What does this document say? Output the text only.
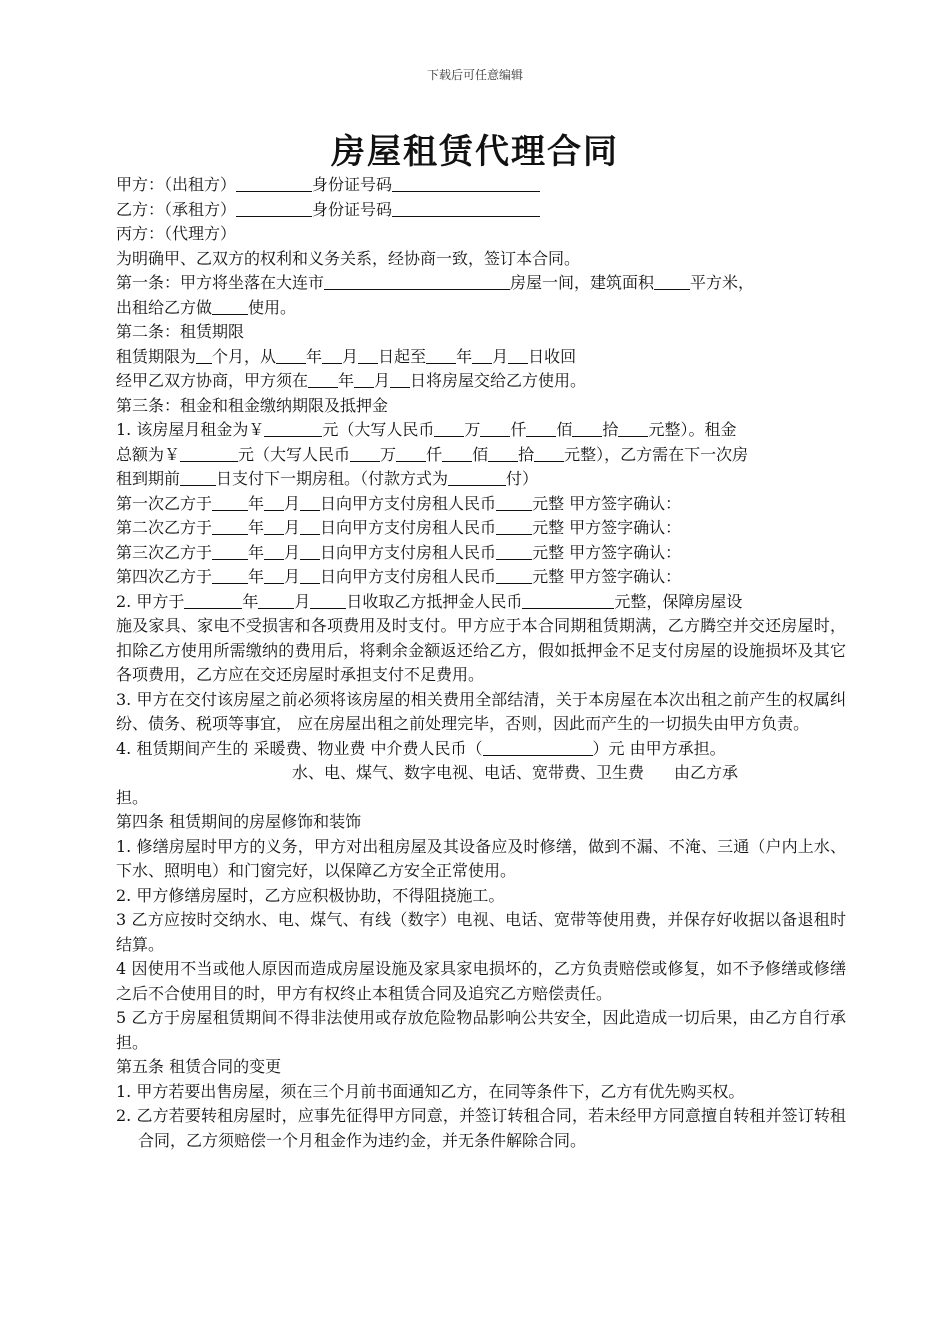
下载后可任意编辑
房屋租赁代理合同
甲方：（出租方）	身份证号码
乙方：（承租方）	身份证号码
丙方：（代理方）
为明确甲、乙双方的权利和义务关系，经协商一致，签订本合同。
第一条：甲方将坐落在大连市	房屋一间，建筑面积 平方米，
出租给乙方做 使用。
第二条：租赁期限
租赁期限为 个月，从 年 月 日起至 年 月 日收回
经甲乙双方协商，甲方须在 年 月 日将房屋交给乙方使用。
第三条：租金和租金缴纳期限及抵押金
1. 该房屋月租金为￥	元（大写人民币 万 仟 佰 拾 元整）。租金
总额为￥	元（大写人民币 万 仟 佰 拾 元整），乙方需在下一次房
租到期前 日支付下一期房租。（付款方式为	付）
第一次乙方于 年 月 日向甲方支付房租人民币 元整 甲方签字确认：
第二次乙方于 年 月 日向甲方支付房租人民币 元整 甲方签字确认：
第三次乙方于 年 月 日向甲方支付房租人民币 元整 甲方签字确认：
第四次乙方于 年 月 日向甲方支付房租人民币 元整 甲方签字确认：
2. 甲方于	年 月 日收取乙方抵押金人民币	元整，保障房屋设
施及家具、家电不受损害和各项费用及时支付。甲方应于本合同期租赁期满，乙方腾空并交还房屋时，扣除乙方使用所需缴纳的费用后，将剩余金额返还给乙方，假如抵押金不足支付房屋的设施损坏及其它各项费用，乙方应在交还房屋时承担支付不足费用。
3. 甲方在交付该房屋之前必须将该房屋的相关费用全部结清，关于本房屋在本次出租之前产生的权属纠纷、债务、税项等事宜， 应在房屋出租之前处理完毕，否则，因此而产生的一切损失由甲方负责。
4. 租赁期间产生的 采暖费、物业费 中介费人民币（	）元 由甲方承担。
水、电、煤气、数字电视、电话、宽带费、卫生费 由乙方承
担。
第四条 租赁期间的房屋修饰和装饰
1. 修缮房屋时甲方的义务，甲方对出租房屋及其设备应及时修缮，做到不漏、不淹、三通（户内上水、下水、照明电）和门窗完好，以保障乙方安全正常使用。
2. 甲方修缮房屋时，乙方应积极协助，不得阻挠施工。
3 乙方应按时交纳水、电、煤气、有线（数字）电视、电话、宽带等使用费，并保存好收据以备退租时结算。
4 因使用不当或他人原因而造成房屋设施及家具家电损坏的，乙方负责赔偿或修复，如不予修缮或修缮之后不合使用目的时，甲方有权终止本租赁合同及追究乙方赔偿责任。
5 乙方于房屋租赁期间不得非法使用或存放危险物品影响公共安全，因此造成一切后果，由乙方自行承担。
第五条 租赁合同的变更
1. 甲方若要出售房屋，须在三个月前书面通知乙方，在同等条件下，乙方有优先购买权。
2. 乙方若要转租房屋时，应事先征得甲方同意，并签订转租合同，若未经甲方同意擅自转租并签订转租合同，乙方须赔偿一个月租金作为违约金，并无条件解除合同。
